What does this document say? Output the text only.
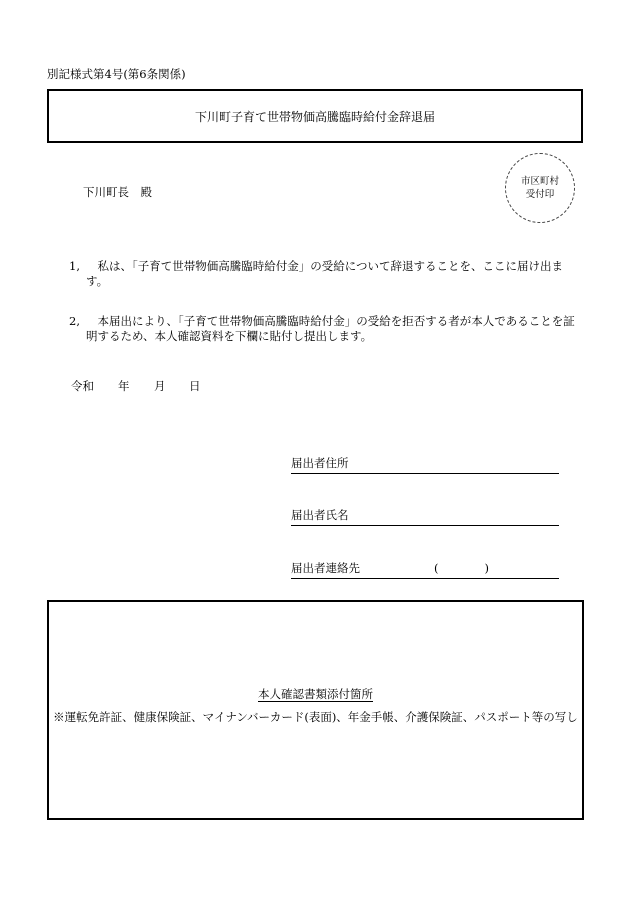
別記様式第4号(第6条関係)
下川町子育て世帯物価高騰臨時給付金辞退届
下川町長　殿
市区町村
受付印
1,	私は、「子育て世帯物価高騰臨時給付金」の受給について辞退することを、ここに届け出ます。
2,	本届出により、「子育て世帯物価高騰臨時給付金」の受給を拒否する者が本人であることを証明するため、本人確認資料を下欄に貼付し提出します。
令和 年 月 日
届出者住所
届出者氏名
届出者連絡先	(　　　　)
本人確認書類添付箇所
※運転免許証、健康保険証、マイナンバーカード(表面)、年金手帳、介護保険証、パスポート等の写し
